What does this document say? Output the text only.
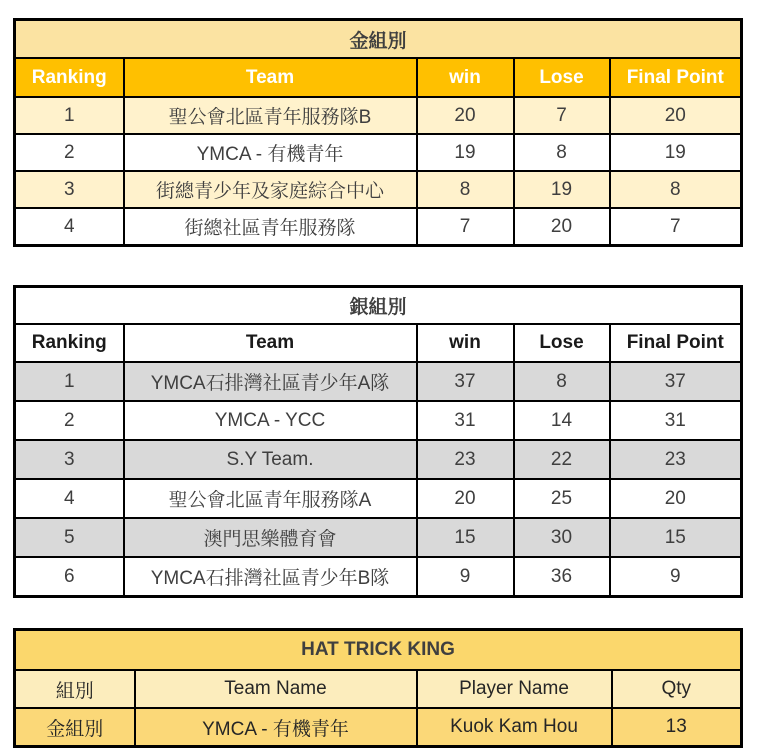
金組別				
Ranking	Team	win	Lose	Final Point
1	聖公會北區青年服務隊B	20	7	20
2	YMCA - 有機青年	19	8	19
3	街總青少年及家庭綜合中心	8	19	8
4	街總社區青年服務隊	7	20	7
銀組別				
Ranking	Team	win	Lose	Final Point
1	YMCA石排灣社區青少年A隊	37	8	37
2	YMCA - YCC	31	14	31
3	S.Y Team.	23	22	23
4	聖公會北區青年服務隊A	20	25	20
5	澳門思樂體育會	15	30	15
6	YMCA石排灣社區青少年B隊	9	36	9
HAT TRICK KING			
組別	Team Name	Player Name	Qty
金組別	YMCA - 有機青年	Kuok Kam Hou	13
